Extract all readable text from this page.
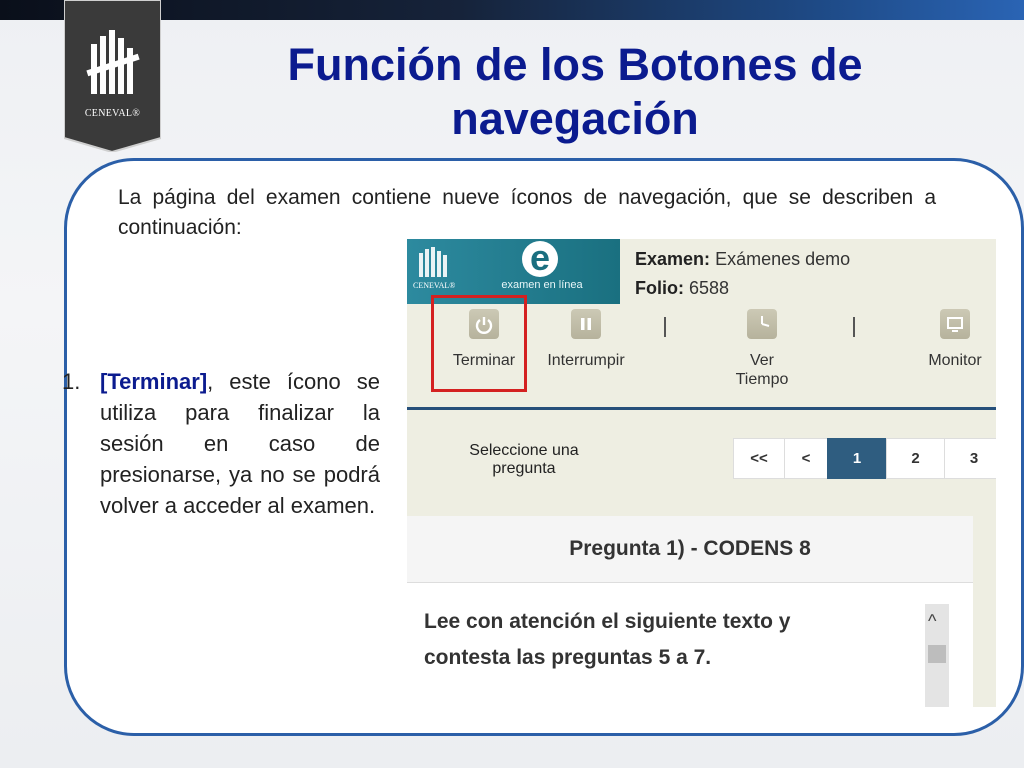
CENEVAL®
Función de los Botones de navegación
La página del examen contiene nueve íconos de navegación, que se describen a continuación:
1. [Terminar], este ícono se utiliza para finalizar la sesión en caso de presionarse, ya no se podrá volver a acceder al examen.
CENEVAL®
e
examen en línea
Examen: Exámenes demo
Folio: 6588
Terminar	Interrumpir	Ver Tiempo
Monitor
Seleccione una pregunta
<<	<	1	2	3
Pregunta 1) - CODENS 8
Lee con atención el siguiente texto y contesta las preguntas 5 a 7.
^
